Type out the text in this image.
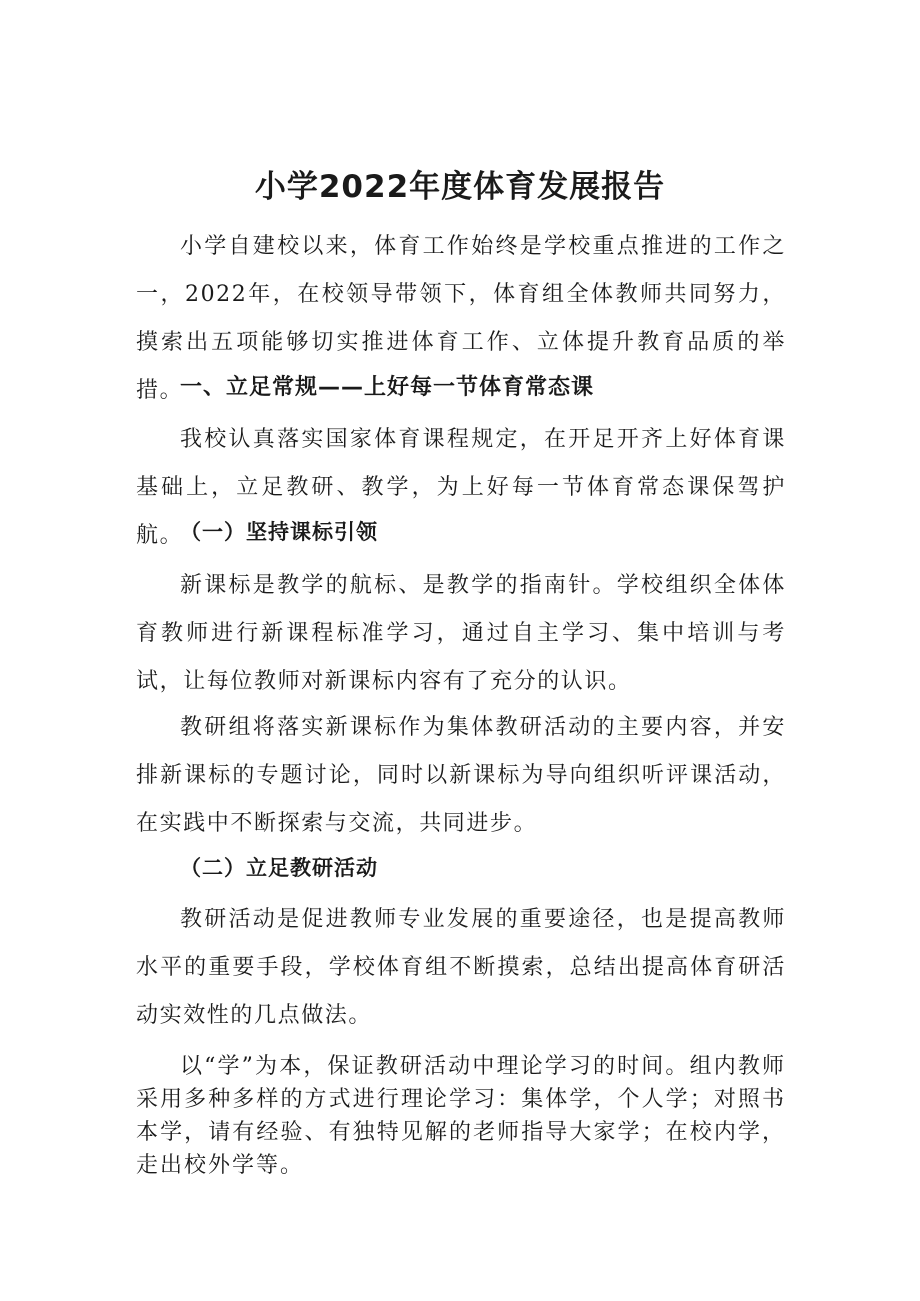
小学2022年度体育发展报告

小学自建校以来，体育工作始终是学校重点推进的工作之一，2022年，在校领导带领下，体育组全体教师共同努力，摸索出五项能够切实推进体育工作、立体提升教育品质的举措。

一、立足常规——上好每一节体育常态课

我校认真落实国家体育课程规定，在开足开齐上好体育课基础上，立足教研、教学，为上好每一节体育常态课保驾护航。

（一）坚持课标引领

新课标是教学的航标、是教学的指南针。学校组织全体体育教师进行新课程标准学习，通过自主学习、集中培训与考试，让每位教师对新课标内容有了充分的认识。

教研组将落实新课标作为集体教研活动的主要内容，并安排新课标的专题讨论，同时以新课标为导向组织听评课活动，在实践中不断探索与交流，共同进步。

（二）立足教研活动

教研活动是促进教师专业发展的重要途径，也是提高教师水平的重要手段，学校体育组不断摸索，总结出提高体育研活动实效性的几点做法。

以“学”为本，保证教研活动中理论学习的时间。组内教师采用多种多样的方式进行理论学习：集体学，个人学；对照书本学，请有经验、有独特见解的老师指导大家学；在校内学，走出校外学等。
